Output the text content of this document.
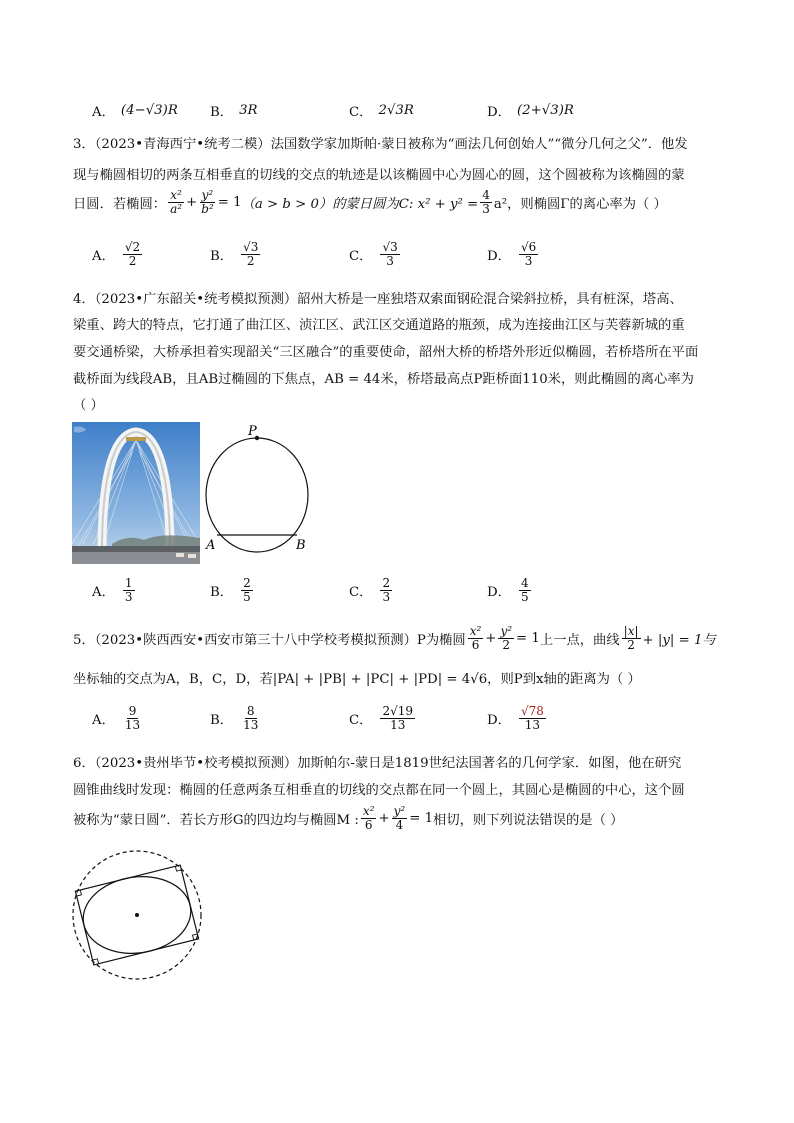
A． (4−√3)R B． 3R	C． 2√3R	D． (2+√3)R
3．（2023•青海西宁•统考二模）法国数学家加斯帕·蒙日被称为“画法几何创始人”“微分几何之父”．他发
现与椭圆相切的两条互相垂直的切线的交点的轨迹是以该椭圆中心为圆心的圆，这个圆被称为该椭圆的蒙
日圆．若椭圆： $\frac{\text{x²}}{\text{a²}} + \frac{\text{y²}}{\text{b²}} = 1$ （a > b > 0）的蒙日圆为C: $x^2 + y^2 = \frac{4}{3} a^2$，则椭圆Γ的离心率为（ ）
A． $\frac{√2}{2}$	B． $\frac{√3}{2}$	C． $\frac{√3}{3}$	D． $\frac{√6}{3}$
4．（2023•广东韶关•统考模拟预测）韶州大桥是一座独塔双索面钢砼混合梁斜拉桥，具有桩深，塔高、
梁重、跨大的特点，它打通了曲江区、浈江区、武江区交通道路的瓶颈，成为连接曲江区与芙蓉新城的重
要交通桥梁，大桥承担着实现韶关“三区融合”的重要使命，韶州大桥的桥塔外形近似椭圆，若桥塔所在平面
截桥面为线段AB，且AB过椭圆的下焦点，AB = 44米，桥塔最高点P距桥面110米，则此椭圆的离心率为
（ ）
P
A	B
A． $\frac{1}{3}$	B． $\frac{2}{5}$	C． $\frac{2}{3}$	D． $\frac{4}{5}$
5．（2023•陕西西安•西安市第三十八中学校考模拟预测）P为椭圆 $\frac{\text{x²}}{6} + \frac{\text{y²}}{2} = 1$ 上一点，曲线 $\frac{|x|}{2} + |y| = 1$与
坐标轴的交点为A，B，C，D，若|PA| + |PB| + |PC| + |PD| = 4√6，则P到x轴的距离为（ ）
A． $\frac{9}{13}$	B． $\frac{8}{13}$	C． $\frac{2√19}{13}$	D． $\frac{√78}{13}$
6．（2023•贵州毕节•校考模拟预测）加斯帕尔-蒙日是1819世纪法国著名的几何学家．如图，他在研究
圆锥曲线时发现：椭圆的任意两条互相垂直的切线的交点都在同一个圆上，其圆心是椭圆的中心，这个圆
被称为“蒙日圆”．若长方形G的四边均与椭圆M : $\frac{\text{x²}}{6} + \frac{\text{y²}}{4} = 1$ 相切，则下列说法错误的是（ ）
